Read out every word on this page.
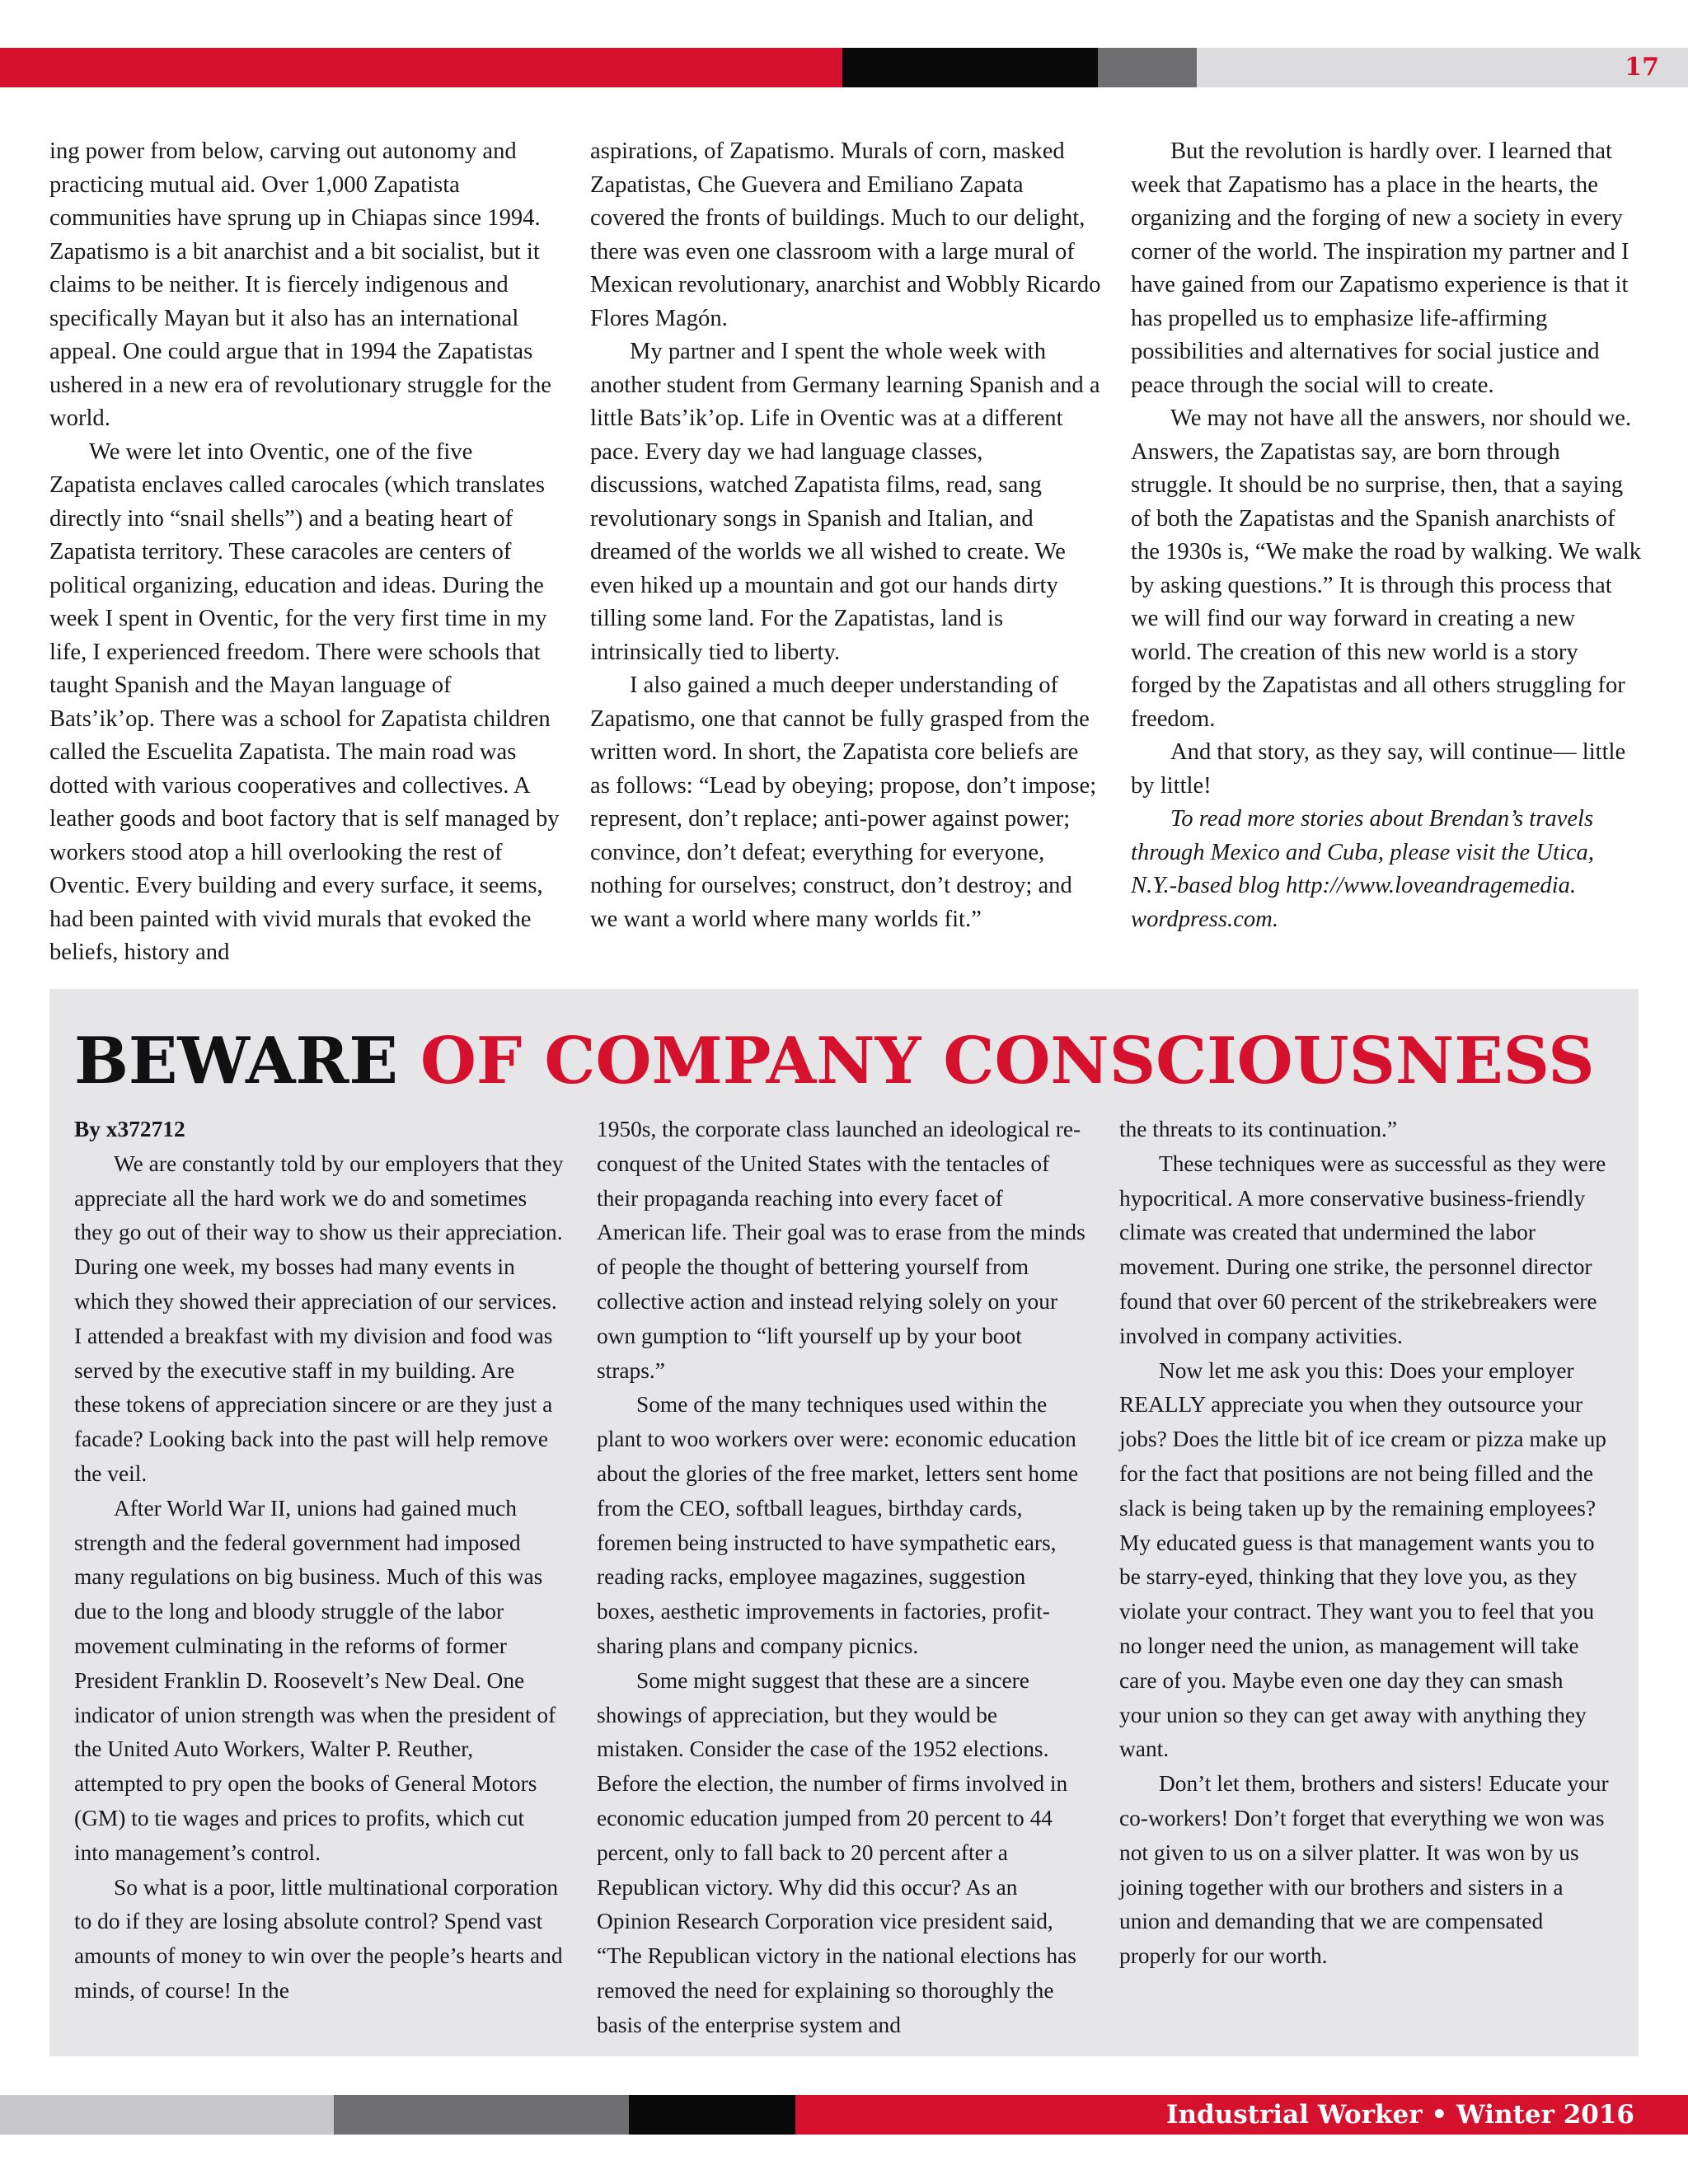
17

ing power from below, carving out autonomy and practicing mutual aid. Over 1,000 Zapatista communities have sprung up in Chiapas since 1994. Zapatismo is a bit anarchist and a bit socialist, but it claims to be neither. It is fiercely indigenous and specifically Mayan but it also has an international appeal. One could argue that in 1994 the Zapatistas ushered in a new era of revolutionary struggle for the world.

We were let into Oventic, one of the five Zapatista enclaves called carocales (which translates directly into “snail shells”) and a beating heart of Zapatista territory. These caracoles are centers of political organizing, education and ideas. During the week I spent in Oventic, for the very first time in my life, I experienced freedom. There were schools that taught Spanish and the Mayan language of Bats’ik’op. There was a school for Zapatista children called the Escuelita Zapatista. The main road was dotted with various cooperatives and collectives. A leather goods and boot factory that is self managed by workers stood atop a hill overlooking the rest of Oventic. Every building and every surface, it seems, had been painted with vivid murals that evoked the beliefs, history and

aspirations, of Zapatismo. Murals of corn, masked Zapatistas, Che Guevera and Emiliano Zapata covered the fronts of buildings. Much to our delight, there was even one classroom with a large mural of Mexican revolutionary, anarchist and Wobbly Ricardo Flores Magón.

My partner and I spent the whole week with another student from Germany learning Spanish and a little Bats’ik’op. Life in Oventic was at a different pace. Every day we had language classes, discussions, watched Zapatista films, read, sang revolutionary songs in Spanish and Italian, and dreamed of the worlds we all wished to create. We even hiked up a mountain and got our hands dirty tilling some land. For the Zapatistas, land is intrinsically tied to liberty.

I also gained a much deeper understanding of Zapatismo, one that cannot be fully grasped from the written word. In short, the Zapatista core beliefs are as follows: “Lead by obeying; propose, don’t impose; represent, don’t replace; anti-power against power; convince, don’t defeat; everything for everyone, nothing for ourselves; construct, don’t destroy; and we want a world where many worlds fit.”

But the revolution is hardly over. I learned that week that Zapatismo has a place in the hearts, the organizing and the forging of new a society in every corner of the world. The inspiration my partner and I have gained from our Zapatismo experience is that it has propelled us to emphasize life-affirming possibilities and alternatives for social justice and peace through the social will to create.

We may not have all the answers, nor should we. Answers, the Zapatistas say, are born through struggle. It should be no surprise, then, that a saying of both the Zapatistas and the Spanish anarchists of the 1930s is, “We make the road by walking. We walk by asking questions.” It is through this process that we will find our way forward in creating a new world. The creation of this new world is a story forged by the Zapatistas and all others struggling for freedom.

And that story, as they say, will continue— little by little!

To read more stories about Brendan’s travels through Mexico and Cuba, please visit the Utica, N.Y.-based blog http://www.loveandragemedia. wordpress.com.

BEWARE OF COMPANY CONSCIOUSNESS

By x372712

We are constantly told by our employers that they appreciate all the hard work we do and sometimes they go out of their way to show us their appreciation. During one week, my bosses had many events in which they showed their appreciation of our services. I attended a breakfast with my division and food was served by the executive staff in my building. Are these tokens of appreciation sincere or are they just a facade? Looking back into the past will help remove the veil.

After World War II, unions had gained much strength and the federal government had imposed many regulations on big business. Much of this was due to the long and bloody struggle of the labor movement culminating in the reforms of former President Franklin D. Roosevelt’s New Deal. One indicator of union strength was when the president of the United Auto Workers, Walter P. Reuther, attempted to pry open the books of General Motors (GM) to tie wages and prices to profits, which cut into management’s control.

So what is a poor, little multinational corporation to do if they are losing absolute control? Spend vast amounts of money to win over the people’s hearts and minds, of course! In the

1950s, the corporate class launched an ideological re-conquest of the United States with the tentacles of their propaganda reaching into every facet of American life. Their goal was to erase from the minds of people the thought of bettering yourself from collective action and instead relying solely on your own gumption to “lift yourself up by your boot straps.”

Some of the many techniques used within the plant to woo workers over were: economic education about the glories of the free market, letters sent home from the CEO, softball leagues, birthday cards, foremen being instructed to have sympathetic ears, reading racks, employee magazines, suggestion boxes, aesthetic improvements in factories, profit-sharing plans and company picnics.

Some might suggest that these are a sincere showings of appreciation, but they would be mistaken. Consider the case of the 1952 elections. Before the election, the number of firms involved in economic education jumped from 20 percent to 44 percent, only to fall back to 20 percent after a Republican victory. Why did this occur? As an Opinion Research Corporation vice president said, “The Republican victory in the national elections has removed the need for explaining so thoroughly the basis of the enterprise system and

the threats to its continuation.”

These techniques were as successful as they were hypocritical. A more conservative business-friendly climate was created that undermined the labor movement. During one strike, the personnel director found that over 60 percent of the strikebreakers were involved in company activities.

Now let me ask you this: Does your employer REALLY appreciate you when they outsource your jobs? Does the little bit of ice cream or pizza make up for the fact that positions are not being filled and the slack is being taken up by the remaining employees? My educated guess is that management wants you to be starry-eyed, thinking that they love you, as they violate your contract. They want you to feel that you no longer need the union, as management will take care of you. Maybe even one day they can smash your union so they can get away with anything they want.

Don’t let them, brothers and sisters! Educate your co-workers! Don’t forget that everything we won was not given to us on a silver platter. It was won by us joining together with our brothers and sisters in a union and demanding that we are compensated properly for our worth.

Industrial Worker • Winter 2016
